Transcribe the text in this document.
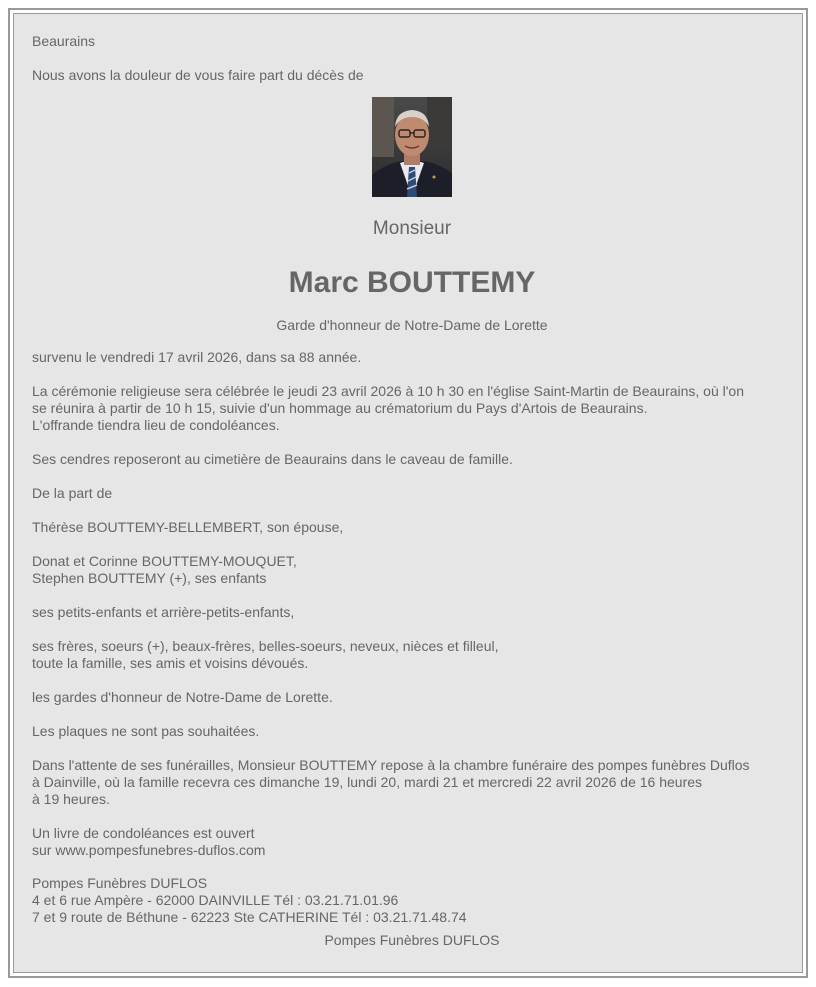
Beaurains

Nous avons la douleur de vous faire part du décès de

Monsieur

Marc BOUTTEMY

Garde d'honneur de Notre-Dame de Lorette

survenu le vendredi 17 avril 2026, dans sa 88 année.

La cérémonie religieuse sera célébrée le jeudi 23 avril 2026 à 10 h 30 en l'église Saint-Martin de Beaurains, où l'on

se réunira à partir de 10 h 15, suivie d'un hommage au crématorium du Pays d'Artois de Beaurains.

L'offrande tiendra lieu de condoléances.

Ses cendres reposeront au cimetière de Beaurains dans le caveau de famille.

De la part de

Thérèse BOUTTEMY-BELLEMBERT, son épouse,

Donat et Corinne BOUTTEMY-MOUQUET,

Stephen BOUTTEMY (+), ses enfants

ses petits-enfants et arrière-petits-enfants,

ses frères, soeurs (+), beaux-frères, belles-soeurs, neveux, nièces et filleul,

toute la famille, ses amis et voisins dévoués.

les gardes d'honneur de Notre-Dame de Lorette.

Les plaques ne sont pas souhaitées.

Dans l'attente de ses funérailles, Monsieur BOUTTEMY repose à la chambre funéraire des pompes funèbres Duflos

à Dainville, où la famille recevra ces dimanche 19, lundi 20, mardi 21 et mercredi 22 avril 2026 de 16 heures

à 19 heures.

Un livre de condoléances est ouvert

sur www.pompesfunebres-duflos.com

Pompes Funèbres DUFLOS

4 et 6 rue Ampère - 62000 DAINVILLE Tél : 03.21.71.01.96

7 et 9 route de Béthune - 62223 Ste CATHERINE Tél : 03.21.71.48.74

Pompes Funèbres DUFLOS
